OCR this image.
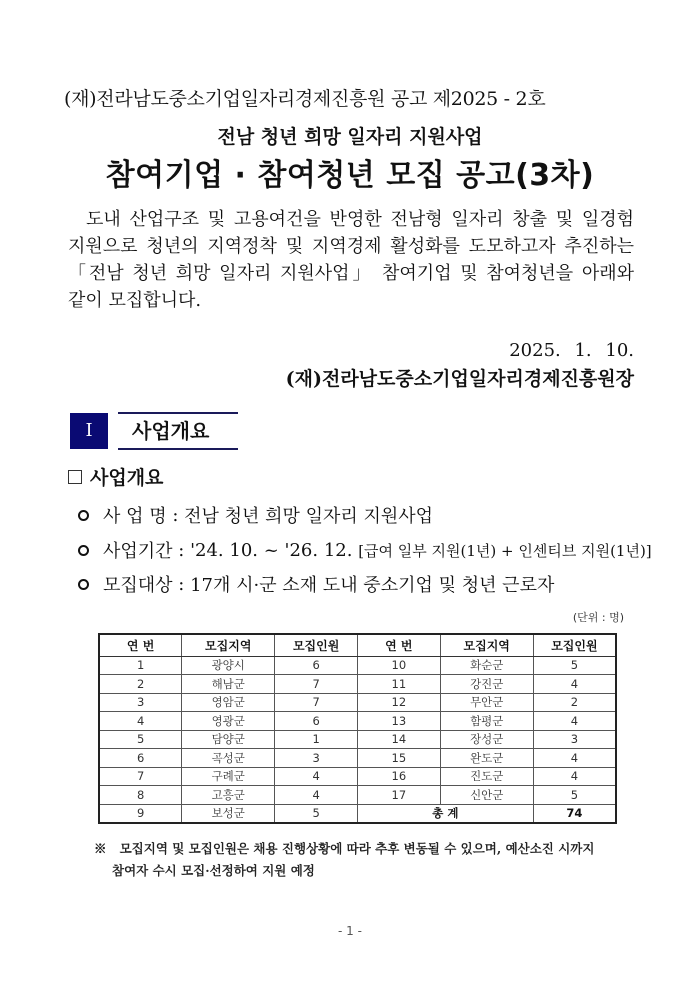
(재)전라남도중소기업일자리경제진흥원 공고 제2025 - 2호
전남 청년 희망 일자리 지원사업
참여기업 · 참여청년 모집 공고(3차)

도내 산업구조 및 고용여건을 반영한 전남형 일자리 창출 및 일경험

지원으로 청년의 지역정착 및 지역경제 활성화를 도모하고자 추진하는

「전남 청년 희망 일자리 지원사업」 참여기업 및 참여청년을 아래와

같이 모집합니다.

2025. 1. 10.
(재)전라남도중소기업일자리경제진흥원장
I	사업개요
사업개요
사 업 명 : 전남 청년 희망 일자리 지원사업
사업기간 : '24. 10. ~ '26. 12.
[급여 일부 지원(1년) + 인센티브 지원(1년)]
모집대상 : 17개 시·군 소재 도내 중소기업 및 청년 근로자
(단위 : 명)
연 번	모집지역	모집인원	연 번	모집지역	모집인원
1	광양시	6	10	화순군	5
2	해남군	7	11	강진군	4
3	영암군	7	12	무안군	2
4	영광군	6	13	함평군	4
5	담양군	1	14	장성군	3
6	곡성군	3	15	완도군	4
7	구례군	4	16	진도군	4
8	고흥군	4	17	신안군	5
9	보성군	5	총 계		74
※ 모집지역 및 모집인원은 채용 진행상황에 따라 추후 변동될 수 있으며, 예산소진 시까지
참여자 수시 모집·선정하여 지원 예정
- 1 -
